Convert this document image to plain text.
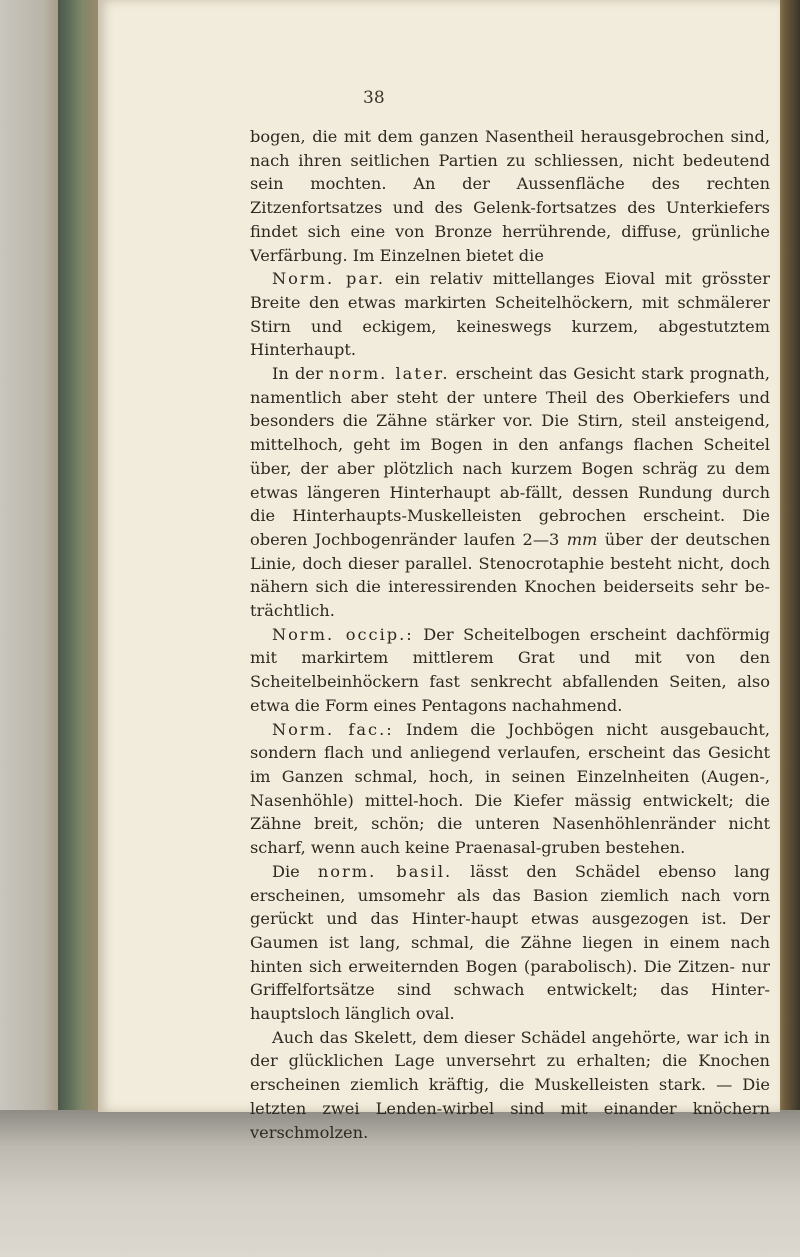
38

bogen, die mit dem ganzen Nasentheil herausgebrochen sind, nach ihren seitlichen Partien zu schliessen, nicht bedeutend sein mochten. An der Aussenfläche des rechten Zitzenfortsatzes und des Gelenk-fortsatzes des Unterkiefers findet sich eine von Bronze herrührende, diffuse, grünliche Verfärbung. Im Einzelnen bietet die

Norm. par. ein relativ mittellanges Eioval mit grösster Breite den etwas markirten Scheitelhöckern, mit schmälerer Stirn und eckigem, keineswegs kurzem, abgestutztem Hinterhaupt.

In der norm. later. erscheint das Gesicht stark prognath, namentlich aber steht der untere Theil des Oberkiefers und besonders die Zähne stärker vor. Die Stirn, steil ansteigend, mittelhoch, geht im Bogen in den anfangs flachen Scheitel über, der aber plötzlich nach kurzem Bogen schräg zu dem etwas längeren Hinterhaupt ab-fällt, dessen Rundung durch die Hinterhaupts-Muskelleisten gebrochen erscheint. Die oberen Jochbogenränder laufen 2—3 mm über der deutschen Linie, doch dieser parallel. Stenocrotaphie besteht nicht, doch nähern sich die interessirenden Knochen beiderseits sehr be-trächtlich.

Norm. occip.: Der Scheitelbogen erscheint dachförmig mit markirtem mittlerem Grat und mit von den Scheitelbeinhöckern fast senkrecht abfallenden Seiten, also etwa die Form eines Pentagons nachahmend.

Norm. fac.: Indem die Jochbögen nicht ausgebaucht, sondern flach und anliegend verlaufen, erscheint das Gesicht im Ganzen schmal, hoch, in seinen Einzelnheiten (Augen-, Nasenhöhle) mittel-hoch. Die Kiefer mässig entwickelt; die Zähne breit, schön; die unteren Nasenhöhlenränder nicht scharf, wenn auch keine Praenasal-gruben bestehen.

Die norm. basil. lässt den Schädel ebenso lang erscheinen, umsomehr als das Basion ziemlich nach vorn gerückt und das Hinter-haupt etwas ausgezogen ist. Der Gaumen ist lang, schmal, die Zähne liegen in einem nach hinten sich erweiternden Bogen (parabolisch). Die Zitzen- nur Griffelfortsätze sind schwach entwickelt; das Hinter-hauptsloch länglich oval.

Auch das Skelett, dem dieser Schädel angehörte, war ich in der glücklichen Lage unversehrt zu erhalten; die Knochen erscheinen ziemlich kräftig, die Muskelleisten stark. — Die letzten zwei Lenden-wirbel sind mit einander knöchern verschmolzen.
